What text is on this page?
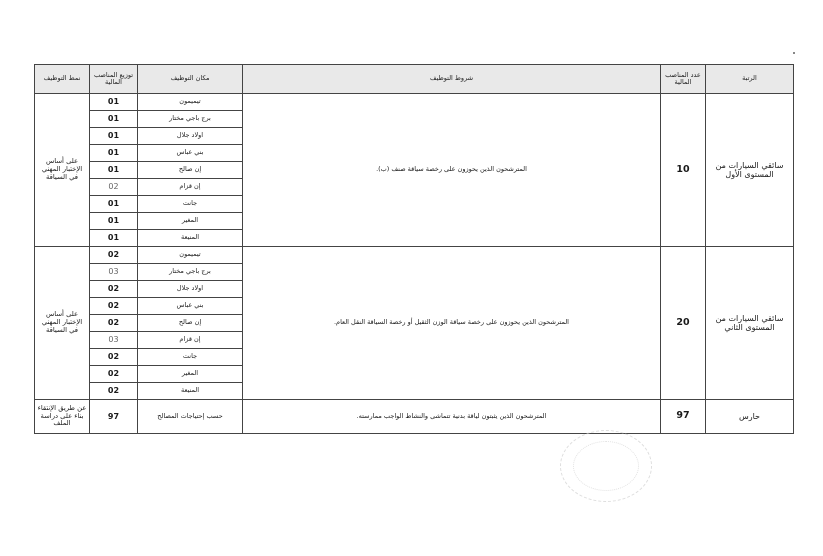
نمط التوظيف	توزيع المناصب المالية	مكان التوظيف	شروط التوظيف	عدد المناصب المالية	الرتبة
على أساس الإختبار المهني في السياقة	01	تيميمون	المترشحون الذين يحوزون على رخصة سياقة صنف (ب).	10	سائقي السيارات من المستوى الأول
	01	برج باجي مختار			
	01	اولاد جلال			
	01	بني عباس			
	01	إن صالح			
	02	إن قزام			
	01	جانت			
	01	المغير			
	01	المنيعة			
على أساس الإختبار المهني في السياقة	02	تيميمون	المترشحون الذين يحوزون على رخصة سياقة الوزن الثقيل أو رخصة السياقة النقل العام.	20	سائقي السيارات من المستوى الثاني
	03	برج باجي مختار			
	02	اولاد جلال			
	02	بني عباس			
	02	إن صالح			
	03	إن قزام			
	02	جانت			
	02	المغير			
	02	المنيعة			
عن طريق الإنتقاء بناء على دراسة الملف	97	حسب إحتياجات المصالح	المترشحون الذين يثبتون لياقة بدنية تتماشى والنشاط الواجب ممارسته.	97	حارس
